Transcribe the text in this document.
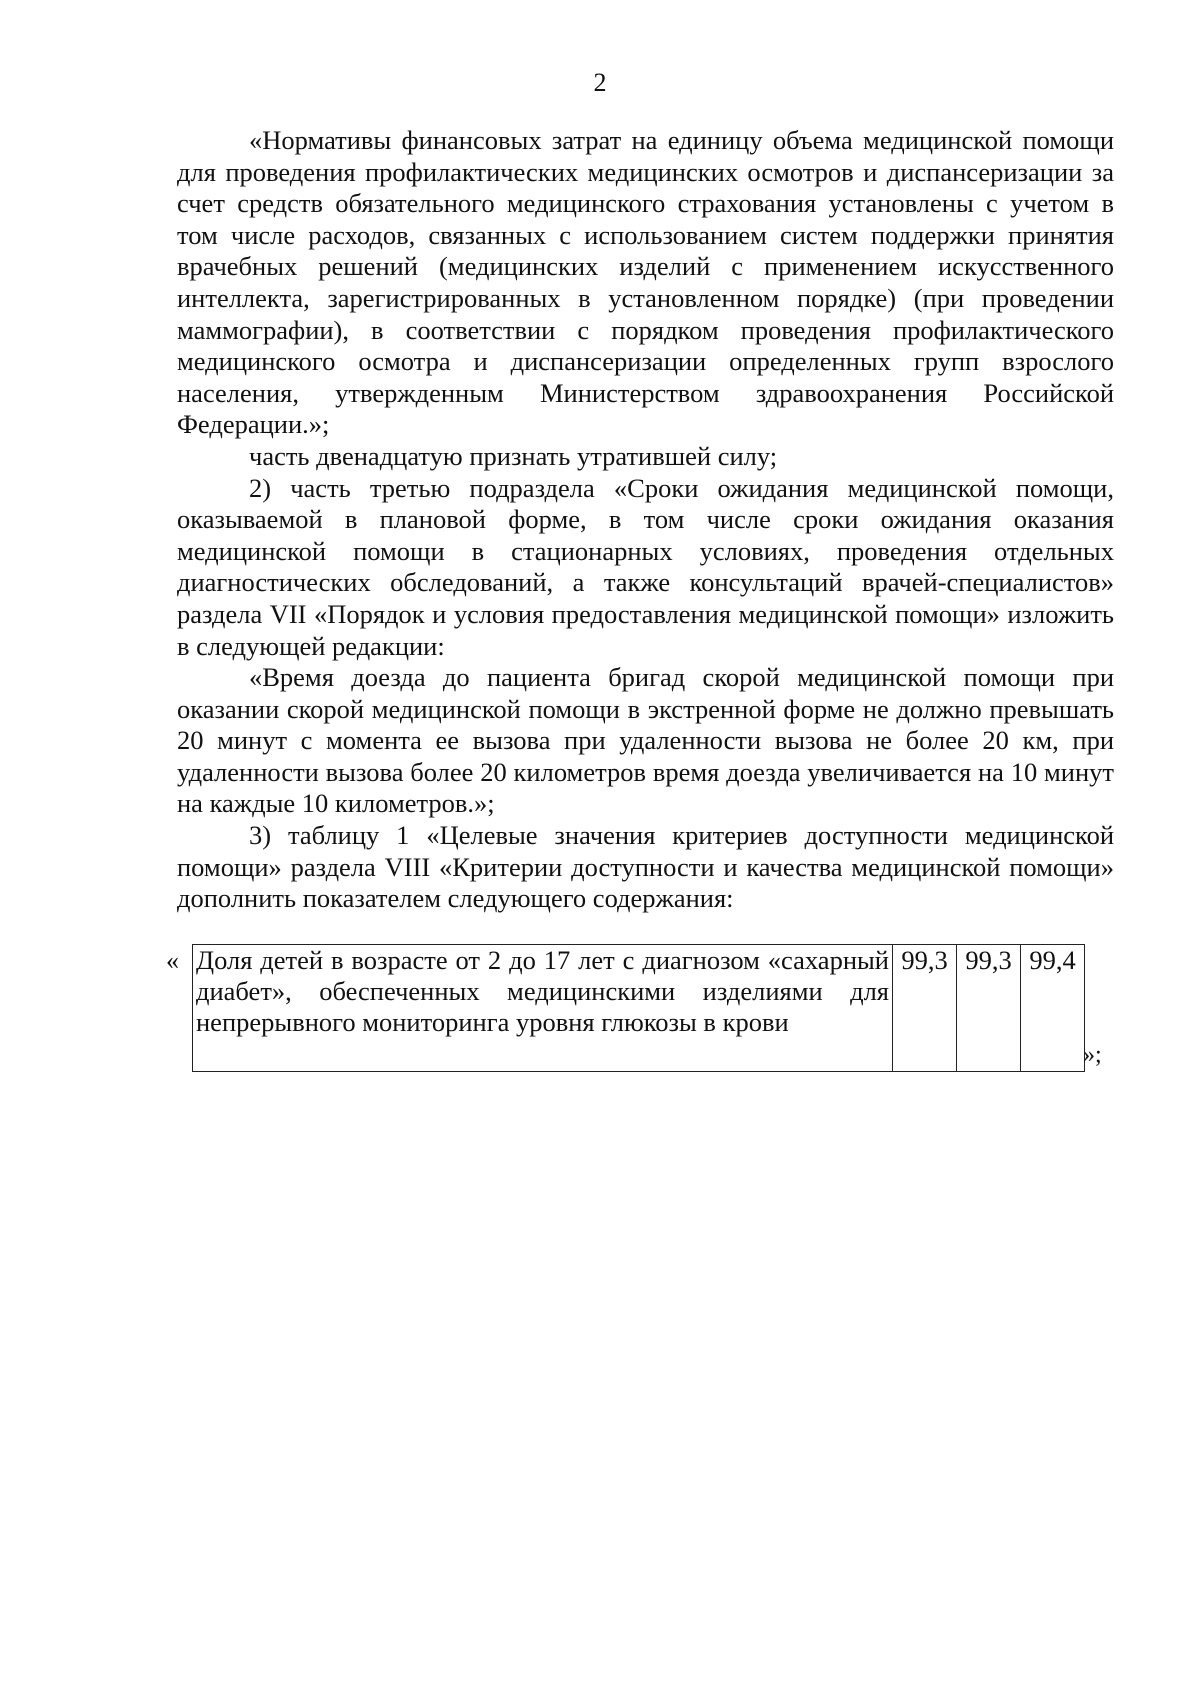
2

«Нормативы финансовых затрат на единицу объема медицинской помощи для проведения профилактических медицинских осмотров и диспансеризации за счет средств обязательного медицинского страхования установлены с учетом в том числе расходов, связанных с использованием систем поддержки принятия врачебных решений (медицинских изделий с применением искусственного интеллекта, зарегистрированных в установленном порядке) (при проведении маммографии), в соответствии с порядком проведения профилактического медицинского осмотра и диспансеризации определенных групп взрослого населения, утвержденным Министерством здравоохранения Российской Федерации.»;

часть двенадцатую признать утратившей силу;

2) часть третью подраздела «Сроки ожидания медицинской помощи, оказываемой в плановой форме, в том числе сроки ожидания оказания медицинской помощи в стационарных условиях, проведения отдельных диагностических обследований, а также консультаций врачей-специалистов» раздела VII «Порядок и условия предоставления медицинской помощи» изложить в следующей редакции:

«Время доезда до пациента бригад скорой медицинской помощи при оказании скорой медицинской помощи в экстренной форме не должно превышать 20 минут с момента ее вызова при удаленности вызова не более 20 км, при удаленности вызова более 20 километров время доезда увеличивается на 10 минут на каждые 10 километров.»;

3) таблицу 1 «Целевые значения критериев доступности медицинской помощи» раздела VIII «Критерии доступности и качества медицинской помощи» дополнить показателем следующего содержания:

« Доля детей в возрасте от 2 до 17 лет с диагнозом «сахарный диабет», обеспеченных медицинскими изделиями для непрерывного мониторинга уровня глюкозы в крови	99,3	99,3	99,4
»;
